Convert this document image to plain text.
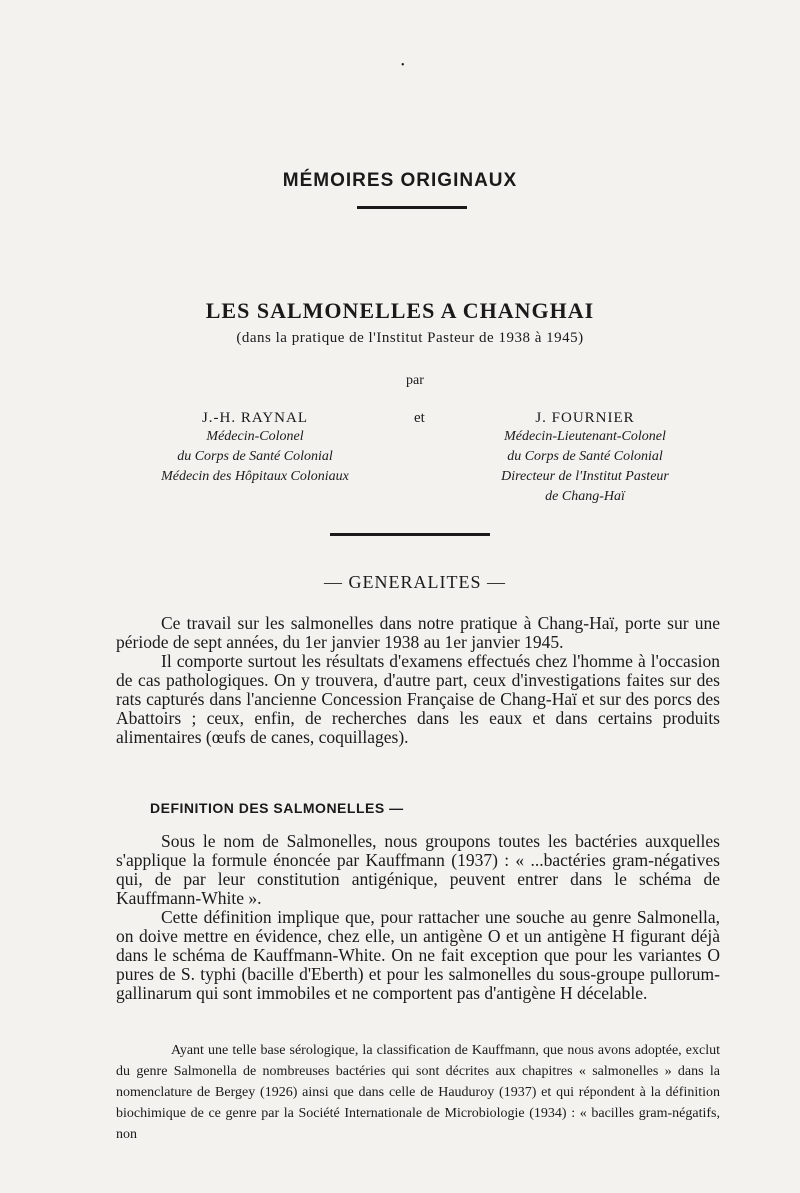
•
MÉMOIRES ORIGINAUX
LES SALMONELLES A CHANGHAI
(dans la pratique de l'Institut Pasteur de 1938 à 1945)
par
J.-H. RAYNAL
Médecin-Colonel
du Corps de Santé Colonial
Médecin des Hôpitaux Coloniaux
et	J. FOURNIER
Médecin-Lieutenant-Colonel
du Corps de Santé Colonial
Directeur de l'Institut Pasteur
de Chang-Haï
— GENERALITES —

Ce travail sur les salmonelles dans notre pratique à Chang-Haï, porte sur une période de sept années, du 1er janvier 1938 au 1er janvier 1945.

Il comporte surtout les résultats d'examens effectués chez l'homme à l'occasion de cas pathologiques. On y trouvera, d'autre part, ceux d'investigations faites sur des rats capturés dans l'ancienne Concession Française de Chang-Haï et sur des porcs des Abattoirs ; ceux, enfin, de recherches dans les eaux et dans certains produits alimentaires (œufs de canes, coquillages).

DEFINITION DES SALMONELLES —

Sous le nom de Salmonelles, nous groupons toutes les bactéries auxquelles s'applique la formule énoncée par Kauffmann (1937) : « ...bactéries gram-négatives qui, de par leur constitution antigénique, peuvent entrer dans le schéma de Kauffmann-White ».

Cette définition implique que, pour rattacher une souche au genre Salmonella, on doive mettre en évidence, chez elle, un antigène O et un antigène H figurant déjà dans le schéma de Kauffmann-White. On ne fait exception que pour les variantes O pures de S. typhi (bacille d'Eberth) et pour les salmonelles du sous-groupe pullorum-gallinarum qui sont immobiles et ne comportent pas d'antigène H décelable.

Ayant une telle base sérologique, la classification de Kauffmann, que nous avons adoptée, exclut du genre Salmonella de nombreuses bactéries qui sont décrites aux chapitres « salmonelles » dans la nomenclature de Bergey (1926) ainsi que dans celle de Hauduroy (1937) et qui répondent à la définition biochimique de ce genre par la Société Internationale de Microbiologie (1934) : « bacilles gram-négatifs, non
